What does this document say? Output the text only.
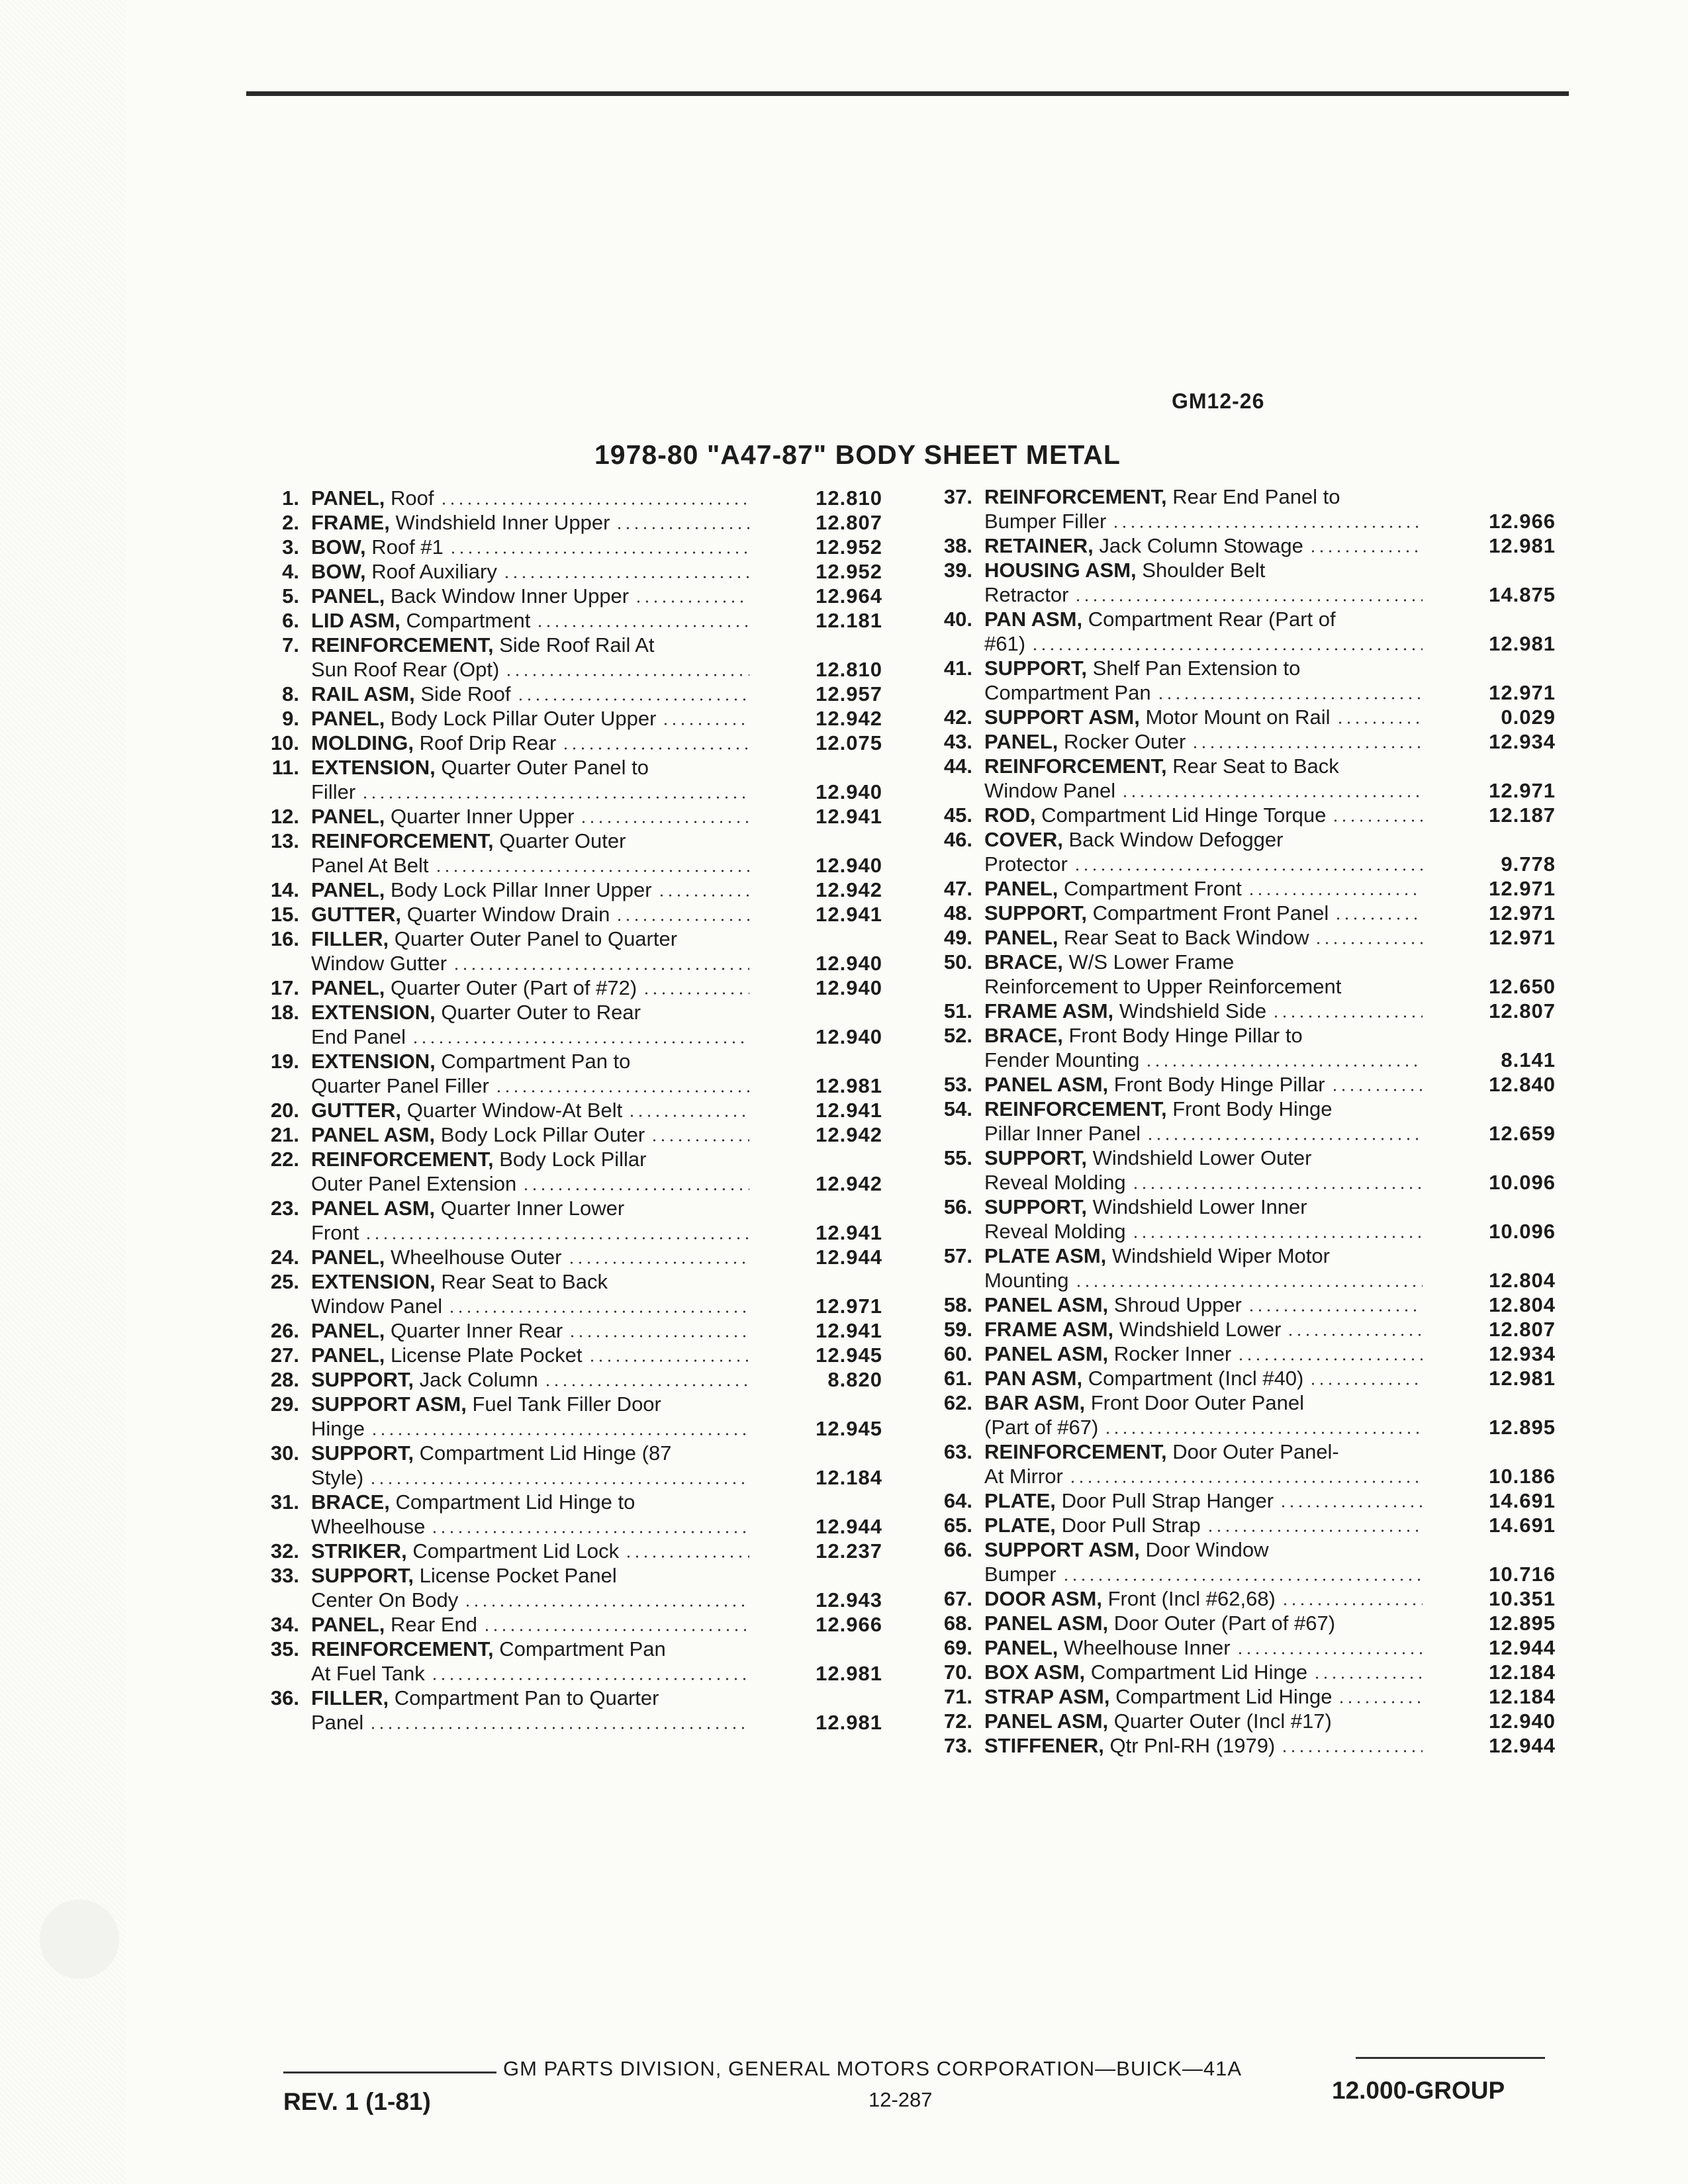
GM12-26
1978-80 "A47-87" BODY SHEET METAL
1. PANEL,
Roof	12.810
2. FRAME,
Windshield Inner Upper	12.807
3. BOW,
Roof #1	12.952
4. BOW,
Roof Auxiliary	12.952
5. PANEL,
Back Window Inner Upper	12.964
6. LID ASM,
Compartment	12.181
7. REINFORCEMENT,
Side Roof Rail At
Sun Roof Rear (Opt)	12.810
8. RAIL ASM,
Side Roof	12.957
9. PANEL,
Body Lock Pillar Outer Upper	12.942
10. MOLDING,
Roof Drip Rear	12.075
11. EXTENSION,
Quarter Outer Panel to
Filler	12.940
12. PANEL,
Quarter Inner Upper	12.941
13. REINFORCEMENT,
Quarter Outer
Panel At Belt	12.940
14. PANEL,
Body Lock Pillar Inner Upper	12.942
15. GUTTER,
Quarter Window Drain	12.941
16. FILLER,
Quarter Outer Panel to Quarter
Window Gutter	12.940
17. PANEL,
Quarter Outer (Part of #72)	12.940
18. EXTENSION,
Quarter Outer to Rear
End Panel	12.940
19. EXTENSION,
Compartment Pan to
Quarter Panel Filler	12.981
20. GUTTER,
Quarter Window-At Belt	12.941
21. PANEL ASM,
Body Lock Pillar Outer	12.942
22. REINFORCEMENT,
Body Lock Pillar
Outer Panel Extension	12.942
23. PANEL ASM,
Quarter Inner Lower
Front	12.941
24. PANEL,
Wheelhouse Outer	12.944
25. EXTENSION,
Rear Seat to Back
Window Panel	12.971
26. PANEL,
Quarter Inner Rear	12.941
27. PANEL,
License Plate Pocket	12.945
28. SUPPORT,
Jack Column	8.820
29. SUPPORT ASM,
Fuel Tank Filler Door
Hinge	12.945
30. SUPPORT,
Compartment Lid Hinge (87
Style)	12.184
31. BRACE,
Compartment Lid Hinge to
Wheelhouse	12.944
32. STRIKER,
Compartment Lid Lock	12.237
33. SUPPORT,
License Pocket Panel
Center On Body	12.943
34. PANEL,
Rear End	12.966
35. REINFORCEMENT,
Compartment Pan
At Fuel Tank	12.981
36. FILLER,
Compartment Pan to Quarter
Panel	12.981
37. REINFORCEMENT,
Rear End Panel to
Bumper Filler	12.966
38. RETAINER,
Jack Column Stowage	12.981
39. HOUSING ASM,
Shoulder Belt
Retractor	14.875
40. PAN ASM,
Compartment Rear (Part of
#61)	12.981
41. SUPPORT,
Shelf Pan Extension to
Compartment Pan	12.971
42. SUPPORT ASM,
Motor Mount on Rail	0.029
43. PANEL,
Rocker Outer	12.934
44. REINFORCEMENT,
Rear Seat to Back
Window Panel	12.971
45. ROD,
Compartment Lid Hinge Torque	12.187
46. COVER,
Back Window Defogger
Protector	9.778
47. PANEL,
Compartment Front	12.971
48. SUPPORT,
Compartment Front Panel	12.971
49. PANEL,
Rear Seat to Back Window	12.971
50. BRACE,
W/S Lower Frame
Reinforcement to Upper Reinforcement	12.650
51. FRAME ASM,
Windshield Side	12.807
52. BRACE,
Front Body Hinge Pillar to
Fender Mounting	8.141
53. PANEL ASM,
Front Body Hinge Pillar	12.840
54. REINFORCEMENT,
Front Body Hinge
Pillar Inner Panel	12.659
55. SUPPORT,
Windshield Lower Outer
Reveal Molding	10.096
56. SUPPORT,
Windshield Lower Inner
Reveal Molding	10.096
57. PLATE ASM,
Windshield Wiper Motor
Mounting	12.804
58. PANEL ASM,
Shroud Upper	12.804
59. FRAME ASM,
Windshield Lower	12.807
60. PANEL ASM,
Rocker Inner	12.934
61. PAN ASM,
Compartment (Incl #40)	12.981
62. BAR ASM,
Front Door Outer Panel
(Part of #67)	12.895
63. REINFORCEMENT,
Door Outer Panel-
At Mirror	10.186
64. PLATE,
Door Pull Strap Hanger	14.691
65. PLATE,
Door Pull Strap	14.691
66. SUPPORT ASM,
Door Window
Bumper	10.716
67. DOOR ASM,
Front (Incl #62,68)	10.351
68. PANEL ASM,
Door Outer (Part of #67)	12.895
69. PANEL,
Wheelhouse Inner	12.944
70. BOX ASM,
Compartment Lid Hinge	12.184
71. STRAP ASM,
Compartment Lid Hinge	12.184
72. PANEL ASM,
Quarter Outer (Incl #17)	12.940
73. STIFFENER,
Qtr Pnl-RH (1979)	12.944
GM PARTS DIVISION, GENERAL MOTORS CORPORATION—BUICK—41A
REV. 1 (1-81)	12-287	12.000-GROUP
